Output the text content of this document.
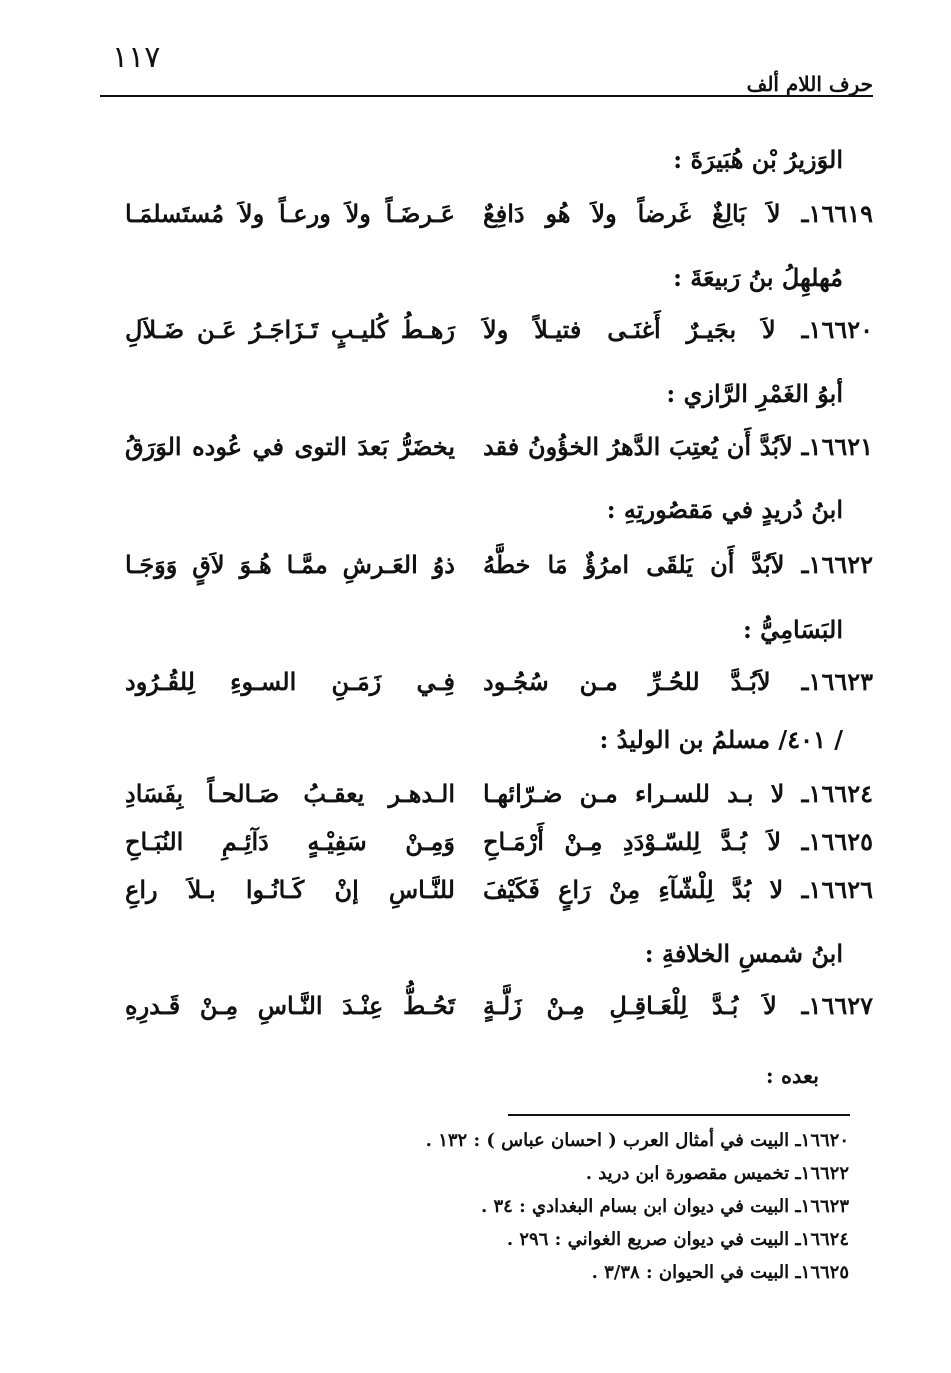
١١٧
حرف اللام ألف
الوَزيرُ بْن هُبَيرَةَ :
١٦٦١٩ـ لاَ بَالِغٌ غَرضاً ولاَ هُو دَافِعٌ
عَـرضَـاً ولاَ ورعـاً ولاَ مُستَسلمَـا
مُهلهِلُ بنُ رَبيعَةَ :
١٦٦٢٠ـ لاَ بجَيـرٌ أَغنَـى فتيـلاً ولاَ
رَهـطُ كُليـبٍ تَـزَاجَـرُ عَـن ضَـلاَلِ
أبوُ الغَمْرِ الرَّازي :
١٦٦٢١ـ لاَبُدَّ أَن يُعتِبَ الدَّهرُ الخؤُونُ فقد
يخضَرُّ بَعدَ التوى في عُوده الوَرَقُ
ابنُ دُريدٍ في مَقصُورتِهِ :
١٦٦٢٢ـ لاَبُدَّ أَن يَلقَى امرُؤٌ مَا خطَّهُ
ذوُ العَـرشِ ممَّـا هُـوَ لاَقٍ وَوَجَـا
البَسَامِيُّ :
١٦٦٢٣ـ لاَبُـدَّ للحُـرِّ مـن سُجُـود
فِـي زَمَـنِ السـوءِ لِلقُـرُود
/ ٤٠١/ مسلمُ بن الوليدُ :
١٦٦٢٤ـ لا بـد للسـراء مـن ضـرّائهـا
الـدهـر يعقـبُ صَـالحـاً بِفَسَادِ
١٦٦٢٥ـ لاَ بُـدَّ لِلسّـوْدَدِ مِـنْ أَرْمَـاحِ
وَمِـنْ سَفِيْـهٍ دَآئِـمِ النُبَـاحِ
١٦٦٢٦ـ لا بُدَّ لِلْشّآءِ مِنْ رَاعٍ فَكَيْفَ
للنَّـاسِ إنْ كَـانُـوا بـلاَ راعِ
ابنُ شمسِ الخلافةِ :
١٦٦٢٧ـ لاَ بُـدَّ لِلْعَـاقِـلِ مِـنْ زَلَّـةٍ
تَحُـطُّ عِنْـدَ النَّـاسِ مِـنْ قَـدرِهِ
بعده :
١٦٦٢٠ـ البيت في أمثال العرب ( احسان عباس ) : ١٣٢ .
١٦٦٢٢ـ تخميس مقصورة ابن دريد .
١٦٦٢٣ـ البيت في ديوان ابن بسام البغدادي : ٣٤ .
١٦٦٢٤ـ البيت في ديوان صريع الغواني : ٢٩٦ .
١٦٦٢٥ـ البيت في الحيوان : ٣/٣٨ .
